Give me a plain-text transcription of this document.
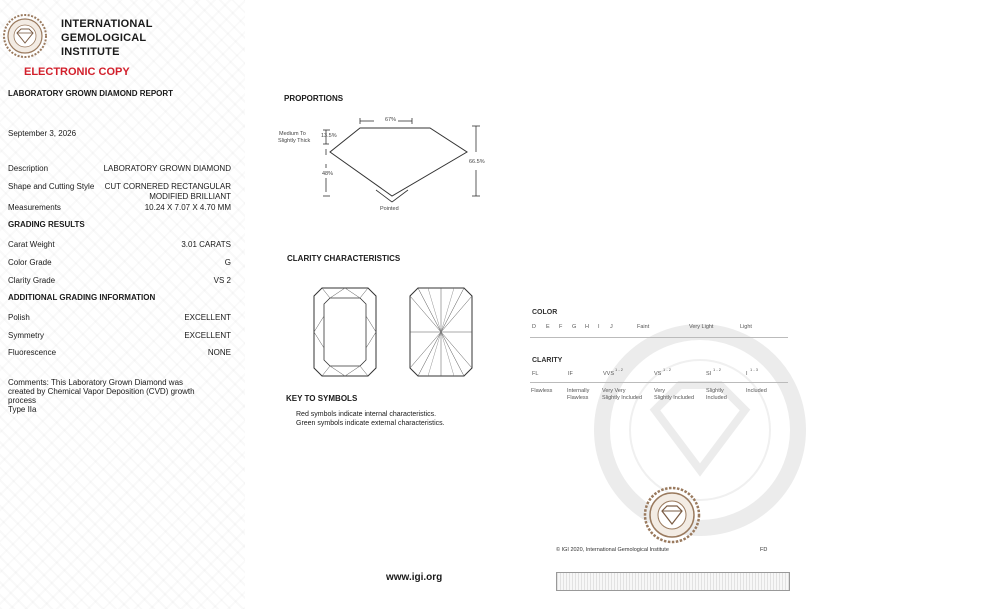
INTERNATIONAL
GEMOLOGICAL
INSTITUTE
ELECTRONIC COPY
LABORATORY GROWN DIAMOND REPORT
September 3, 2026
Description	LABORATORY GROWN DIAMOND
Shape and Cutting Style CUT CORNERED RECTANGULAR
MODIFIED BRILLIANT
Measurements	10.24 X 7.07 X 4.70 MM
GRADING RESULTS
Carat Weight	3.01 CARATS
Color Grade	G
Clarity Grade	VS 2
ADDITIONAL GRADING INFORMATION
Polish	EXCELLENT
Symmetry	EXCELLENT
Fluorescence	NONE
Comments: This Laboratory Grown Diamond was
created by Chemical Vapor Deposition (CVD) growth
process
Type IIa
PROPORTIONS
67%
13.5%
Medium To
Slightly Thick
48%
66.5%
Pointed
CLARITY CHARACTERISTICS
KEY TO SYMBOLS
Red symbols indicate internal characteristics.
Green symbols indicate external characteristics.
COLOR
D E F G H I J	Faint	Very Light	Light
CLARITY
FL	IF	VVS
1 - 2
VS
1 - 2
SI
1 - 2
I
1 - 3
Flawless	Internally
Flawless
Very Very
Slightly Included
Very
Slightly Included
Slightly
Included
Included
© IGI 2020, International Gemological Institute	FD
www.igi.org
